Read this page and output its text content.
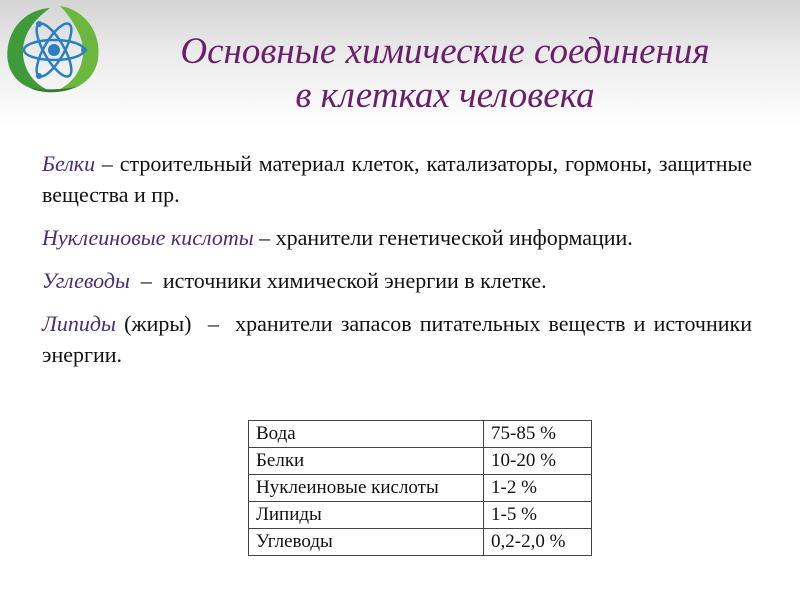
Основные химические соединения
в клетках человека

Белки – строительный материал клеток, катализаторы, гормоны, защитные вещества и пр.

Нуклеиновые кислоты – хранители генетической информации.

Углеводы  –  источники химической энергии в клетке.

Липиды (жиры)  –  хранители запасов питательных веществ и источники энергии.

Вода	75-85 %
Белки	10-20 %
Нуклеиновые кислоты	1-2 %
Липиды	1-5 %
Углеводы	0,2-2,0 %
